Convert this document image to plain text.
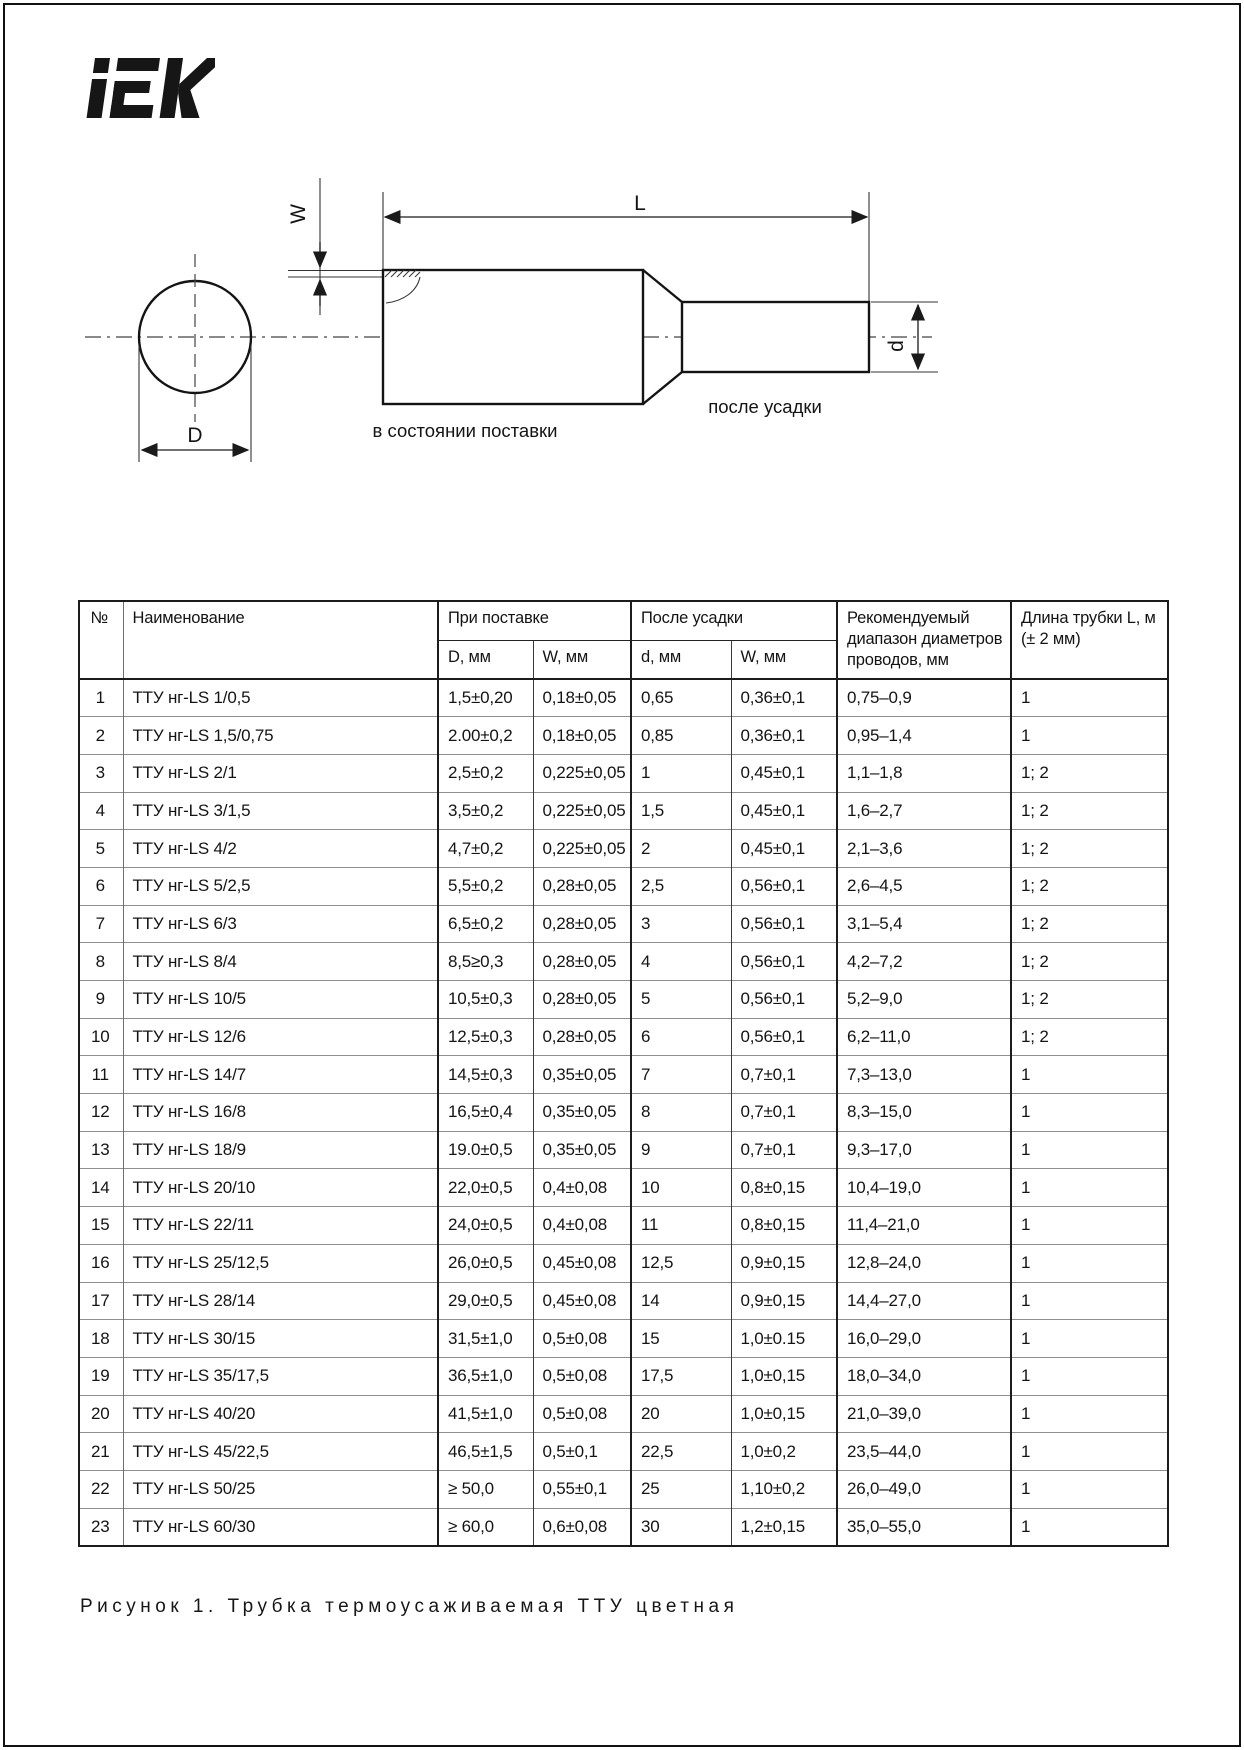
D
L
W
d
после усадки
в состоянии поставки
№	Наименование	При поставке		После усадки		Рекомендуемый диапазон диаметров проводов, мм	Длина трубки L, м (± 2 мм)
		D, мм	W, мм	d, мм	W, мм		
1	ТТУ нг-LS 1/0,5	1,5±0,20	0,18±0,05	0,65	0,36±0,1	0,75–0,9	1
2	ТТУ нг-LS 1,5/0,75	2.00±0,2	0,18±0,05	0,85	0,36±0,1	0,95–1,4	1
3	ТТУ нг-LS 2/1	2,5±0,2	0,225±0,05	1	0,45±0,1	1,1–1,8	1; 2
4	ТТУ нг-LS 3/1,5	3,5±0,2	0,225±0,05	1,5	0,45±0,1	1,6–2,7	1; 2
5	ТТУ нг-LS 4/2	4,7±0,2	0,225±0,05	2	0,45±0,1	2,1–3,6	1; 2
6	ТТУ нг-LS 5/2,5	5,5±0,2	0,28±0,05	2,5	0,56±0,1	2,6–4,5	1; 2
7	ТТУ нг-LS 6/3	6,5±0,2	0,28±0,05	3	0,56±0,1	3,1–5,4	1; 2
8	ТТУ нг-LS 8/4	8,5≥0,3	0,28±0,05	4	0,56±0,1	4,2–7,2	1; 2
9	ТТУ нг-LS 10/5	10,5±0,3	0,28±0,05	5	0,56±0,1	5,2–9,0	1; 2
10	ТТУ нг-LS 12/6	12,5±0,3	0,28±0,05	6	0,56±0,1	6,2–11,0	1; 2
11	ТТУ нг-LS 14/7	14,5±0,3	0,35±0,05	7	0,7±0,1	7,3–13,0	1
12	ТТУ нг-LS 16/8	16,5±0,4	0,35±0,05	8	0,7±0,1	8,3–15,0	1
13	ТТУ нг-LS 18/9	19.0±0,5	0,35±0,05	9	0,7±0,1	9,3–17,0	1
14	ТТУ нг-LS 20/10	22,0±0,5	0,4±0,08	10	0,8±0,15	10,4–19,0	1
15	ТТУ нг-LS 22/11	24,0±0,5	0,4±0,08	11	0,8±0,15	11,4–21,0	1
16	ТТУ нг-LS 25/12,5	26,0±0,5	0,45±0,08	12,5	0,9±0,15	12,8–24,0	1
17	ТТУ нг-LS 28/14	29,0±0,5	0,45±0,08	14	0,9±0,15	14,4–27,0	1
18	ТТУ нг-LS 30/15	31,5±1,0	0,5±0,08	15	1,0±0.15	16,0–29,0	1
19	ТТУ нг-LS 35/17,5	36,5±1,0	0,5±0,08	17,5	1,0±0,15	18,0–34,0	1
20	ТТУ нг-LS 40/20	41,5±1,0	0,5±0,08	20	1,0±0,15	21,0–39,0	1
21	ТТУ нг-LS 45/22,5	46,5±1,5	0,5±0,1	22,5	1,0±0,2	23,5–44,0	1
22	ТТУ нг-LS 50/25	≥ 50,0	0,55±0,1	25	1,10±0,2	26,0–49,0	1
23	ТТУ нг-LS 60/30	≥ 60,0	0,6±0,08	30	1,2±0,15	35,0–55,0	1
Рисунок 1. Трубка термоусаживаемая ТТУ цветная
